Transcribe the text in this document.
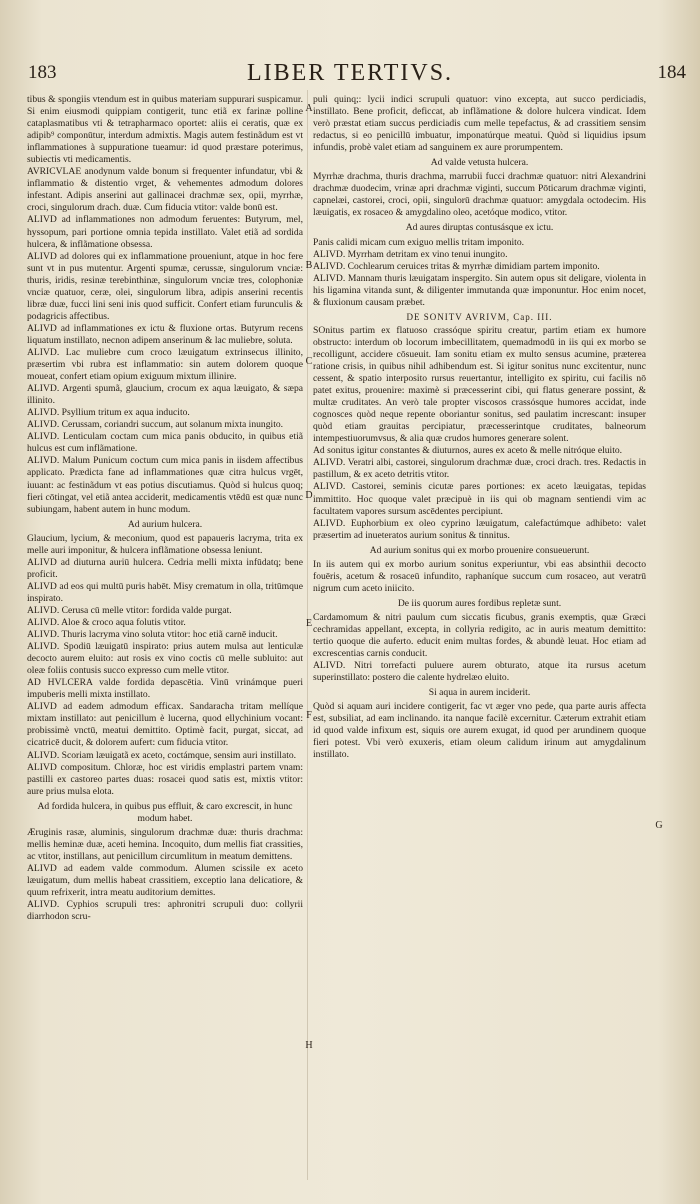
183	LIBER TERTIVS.	184

tibus & spongiis vtendum est in quibus materiam suppurari suspicamur. Si enim eiusmodi quippiam contigerit, tunc etiã ex farinæ polline cataplasmatibus vti & tetrapharmaco oportet: aliis ei ceratis, quæ ex adipib⁹ componūtur, interdum admixtis. Magis autem festinãdum est vt inflammationes à suppuratione tueamur: id quod præstare poterimus, subiectis vti medicamentis.

AVRICVLAE anodynum valde bonum si frequenter infundatur, vbi & inflammatio & distentio vrget, & vehementes admodum dolores infestant. Adipis anserini aut gallinacei drachmæ sex, opii, myrrhæ, croci, singulorum drach. duæ. Cum fiducia vtitor: valde bonū est.

ALIVD ad inflammationes non admodum feruentes: Butyrum, mel, hyssopum, pari portione omnia tepida instillato. Valet etiã ad sordida hulcera, & inflãmatione obsessa.

ALIVD ad dolores qui ex inflammatione proueniunt, atque in hoc fere sunt vt in pus mutentur. Argenti spumæ, cerussæ, singulorum vnciæ: thuris, iridis, resinæ terebinthinæ, singulorum vnciæ tres, colophoniæ vnciæ quatuor, ceræ, olei, singulorum libra, adipis anserini recentis libræ duæ, fucci lini seni inis quod sufficit. Confert etiam furunculis & podagricis affectibus.

ALIVD ad inflammationes ex ictu & fluxione ortas. Butyrum recens liquatum instillato, necnon adipem anserinum & lac muliebre, soluta.

ALIVD. Lac muliebre cum croco læuigatum extrinsecus illinito, præsertim vbi rubra est inflammatio: sin autem dolorem quoque moueat, confert etiam opium exiguum mixtum illinire.

ALIVD. Argenti spumã, glaucium, crocum ex aqua læuigato, & sæpa illinito.

ALIVD. Psyllium tritum ex aqua inducito.

ALIVD. Cerussam, coriandri succum, aut solanum mixta inungito.

ALIVD. Lenticulam coctam cum mica panis obducito, in quibus etiã hulcus est cum inflãmatione.

ALIVD. Malum Punicum coctum cum mica panis in iisdem affectibus applicato. Prædicta fane ad inflammationes quæ citra hulcus vrgēt, iuuant: ac festinãdum vt eas potius discutiamus. Quòd si hulcus quoq; fieri cōtingat, vel etiã antea acciderit, medicamentis vtēdū est quæ nunc subiungam, habent autem in hunc modum.

Ad aurium hulcera.

Glaucium, lycium, & meconium, quod est papaueris lacryma, trita ex melle auri imponitur, & hulcera inflãmatione obsessa leniunt.

ALIVD ad diuturna auriū hulcera. Cedria melli mixta infūdatq; bene proficit.

ALIVD ad eos qui multū puris habēt. Misy crematum in olla, tritūmque inspirato.

ALIVD. Cerusa cū melle vtitor: fordida valde purgat.

ALIVD. Aloe & croco aqua folutis vtitor.

ALIVD. Thuris lacryma vino soluta vtitor: hoc etiã carnē inducit.

ALIVD. Spodiū læuigatū inspirato: prius autem mulsa aut lenticulæ decocto aurem eluito: aut rosis ex vino coctis cū melle subluito: aut oleæ foliis contusis succo expresso cum melle vtitor.

AD HVLCERA valde fordida depascētia. Vinū vrinámque pueri impuberis melli mixta instillato.

ALIVD ad eadem admodum efficax. Sandaracha tritam mellíque mixtam instillato: aut penicillum è lucerna, quod ellychinium vocant: probissimè vnctū, meatui demittito. Optimè facit, purgat, siccat, ad cicatricē ducit, & dolorem aufert: cum fiducia vtitor.

ALIVD. Scoriam læuigatã ex aceto, coctámque, sensim auri instillato.

ALIVD compositum. Chloræ, hoc est viridis emplastri partem vnam: pastilli ex castoreo partes duas: rosacei quod satis est, mixtis vtitor: aure prius mulsa elota.

Ad fordida hulcera, in quibus pus effluit, & caro excrescit, in hunc modum habet.

Æruginis rasæ, aluminis, singulorum drachmæ duæ: thuris drachma: mellis heminæ duæ, aceti hemina. Incoquito, dum mellis fiat crassities, ac vtitor, instillans, aut penicillum circumlitum in meatum demittens.

ALIVD ad eadem valde commodum. Alumen scissile ex aceto læuigatum, dum mellis habeat crassitiem, exceptio lana delicatiore, & quum refrixerit, intra meatu auditorium demittes.

ALIVD. Cyphios scrupuli tres: aphronitri scrupuli duo: collyrii diarrhodon scru-

A
B
C
D
E
F
G
H

puli quinq;: lycii indici scrupuli quatuor: vino excepta, aut succo perdiciadis, instillato. Bene proficit, deficcat, ab inflãmatione & dolore hulcera vindicat. Idem verò præstat etiam succus perdiciadis cum melle tepefactus, & ad crassitiem sensim redactus, si eo penicillū imbuatur, imponatúrque meatui. Quòd si liquidius ipsum infundis, probè valet etiam ad sanguinem ex aure prorumpentem.

Ad valde vetusta hulcera.

Myrrhæ drachma, thuris drachma, marrubii fucci drachmæ quatuor: nitri Alexandrini drachmæ duodecim, vrinæ apri drachmæ viginti, succum Pōticarum drachmæ viginti, capnelæi, castorei, croci, opii, singulorū drachmæ quatuor: amygdala octodecim. His læuigatis, ex rosaceo & amygdalino oleo, acetóque modico, vtitor.

Ad aures diruptas contusásque ex ictu.

Panis calidi micam cum exiguo mellis tritam imponito.

ALIVD. Myrrham detritam ex vino tenui inungito.

ALIVD. Cochlearum ceruices tritas & myrrhæ dimidiam partem imponito.

ALIVD. Mannam thuris læuigatam inspergito. Sin autem opus sit deligare, violenta in his ligamina vitanda sunt, & diligenter immutanda quæ imponuntur. Hoc enim nocet, & fluxionum causam præbet.

DE SONITV AVRIVM, Cap. III.

SOnitus partim ex flatuoso crassóque spiritu creatur, partim etiam ex humore obstructo: interdum ob locorum imbecillitatem, quemadmodū in iis qui ex morbo se recolligunt, accidere cōsueuit. Iam sonitu etiam ex multo sensus acumine, præterea ratione crisis, in quibus nihil adhibendum est. Si igitur sonitus nunc excitentur, nunc cessent, & spatio interposito rursus reuertantur, intelligito ex spiritu, cui facilis nō patet exitus, prouenire: maximè si præcesserint cibi, qui flatus generare possint, & multæ cruditates. An verò tale propter viscosos crassósque humores accidat, inde cognosces quòd neque repente oboriantur sonitus, sed paulatim increscant: insuper quòd etiam grauitas percipiatur, præcesserintque cruditates, balneorum intempestiuorumvsus, & alia quæ crudos humores generare solent.

Ad sonitus igitur constantes & diuturnos, aures ex aceto & melle nitróque eluito.

ALIVD. Veratri albi, castorei, singulorum drachmæ duæ, croci drach. tres. Redactis in pastillum, & ex aceto detritis vtitor.

ALIVD. Castorei, seminis cicutæ pares portiones: ex aceto læuigatas, tepidas immittito. Hoc quoque valet præcipuè in iis qui ob magnam sentiendi vim ac facultatem vapores sursum ascēdentes percipiunt.

ALIVD. Euphorbium ex oleo cyprino læuigatum, calefactúmque adhibeto: valet præsertim ad inueteratos aurium sonitus & tinnitus.

Ad aurium sonitus qui ex morbo prouenire consueuerunt.

In iis autem qui ex morbo aurium sonitus experiuntur, vbi eas absinthii decocto fouēris, acetum & rosaceū infundito, raphaníque succum cum rosaceo, aut veratrū nigrum cum aceto iniicito.

De iis quorum aures fordibus repletæ sunt.

Cardamomum & nitri paulum cum siccatis ficubus, granis exemptis, quæ Græci cechramidas appellant, excepta, in collyria redigito, ac in auris meatum demittito: tertio quoque die auferto. educit enim multas fordes, & abundè leuat. Hoc etiam ad excrescentias carnis conducit.

ALIVD. Nitri torrefacti puluere aurem obturato, atque ita rursus acetum superinstillato: postero die calente hydrelæo eluito.

Si aqua in aurem inciderit.

Quòd si aquam auri incidere contigerit, fac vt æger vno pede, qua parte auris affecta est, subsiliat, ad eam inclinando. ita nanque facilè excernitur. Cæterum extrahit etiam id quod valde infixum est, siquis ore aurem exugat, id quod per arundinem quoque fieri potest. Vbi verò exuxeris, etiam oleum calidum irinum aut amygdalinum instillato.
